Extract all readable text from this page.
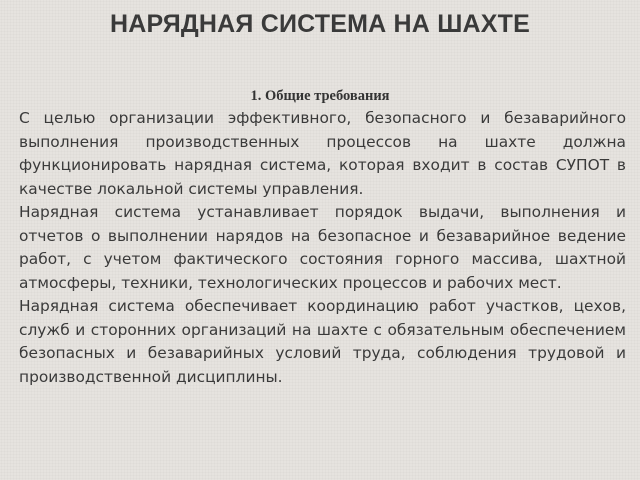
НАРЯДНАЯ СИСТЕМА НА ШАХТЕ
1. Общие требования

С целью организации эффективного, безопасного и безаварийного выполнения производственных процессов на шахте должна функционировать нарядная система, которая входит в состав СУПОТ в качестве локальной системы управления.

Нарядная система устанавливает порядок выдачи, выполнения и отчетов о выполнении нарядов на безопасное и безаварийное ведение работ, с учетом фактического состояния горного массива, шахтной атмосферы, техники, технологических процессов и рабочих мест.

Нарядная система обеспечивает координацию работ участков, цехов, служб и сторонних организаций на шахте с обязательным обеспечением безопасных и безаварийных условий труда, соблюдения трудовой и производственной дисциплины.
